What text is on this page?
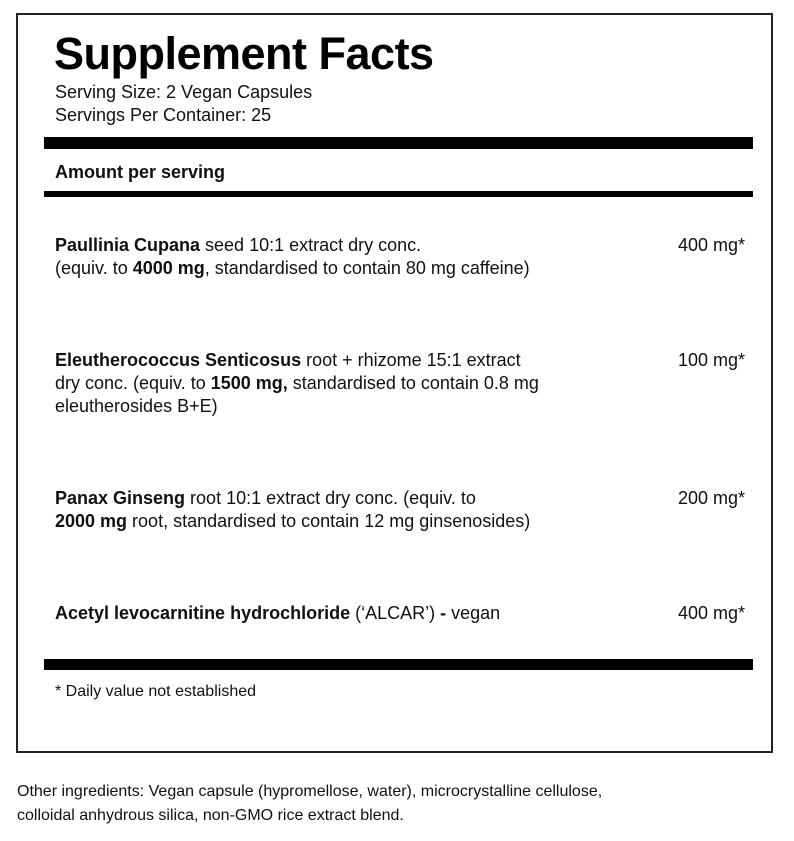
Supplement Facts
Serving Size: 2 Vegan Capsules
Servings Per Container: 25
Amount per serving
Paullinia Cupana seed 10:1 extract dry conc.
(equiv. to 4000 mg, standardised to contain 80 mg caffeine)
400 mg*
Eleutherococcus Senticosus root + rhizome 15:1 extract
dry conc. (equiv. to 1500 mg, standardised to contain 0.8 mg
eleutherosides B+E)
100 mg*
Panax Ginseng root 10:1 extract dry conc. (equiv. to
2000 mg root, standardised to contain 12 mg ginsenosides)
200 mg*
Acetyl levocarnitine hydrochloride (‘ALCAR’) - vegan	400 mg*
* Daily value not established
Other ingredients: Vegan capsule (hypromellose, water), microcrystalline cellulose,
colloidal anhydrous silica, non-GMO rice extract blend.
